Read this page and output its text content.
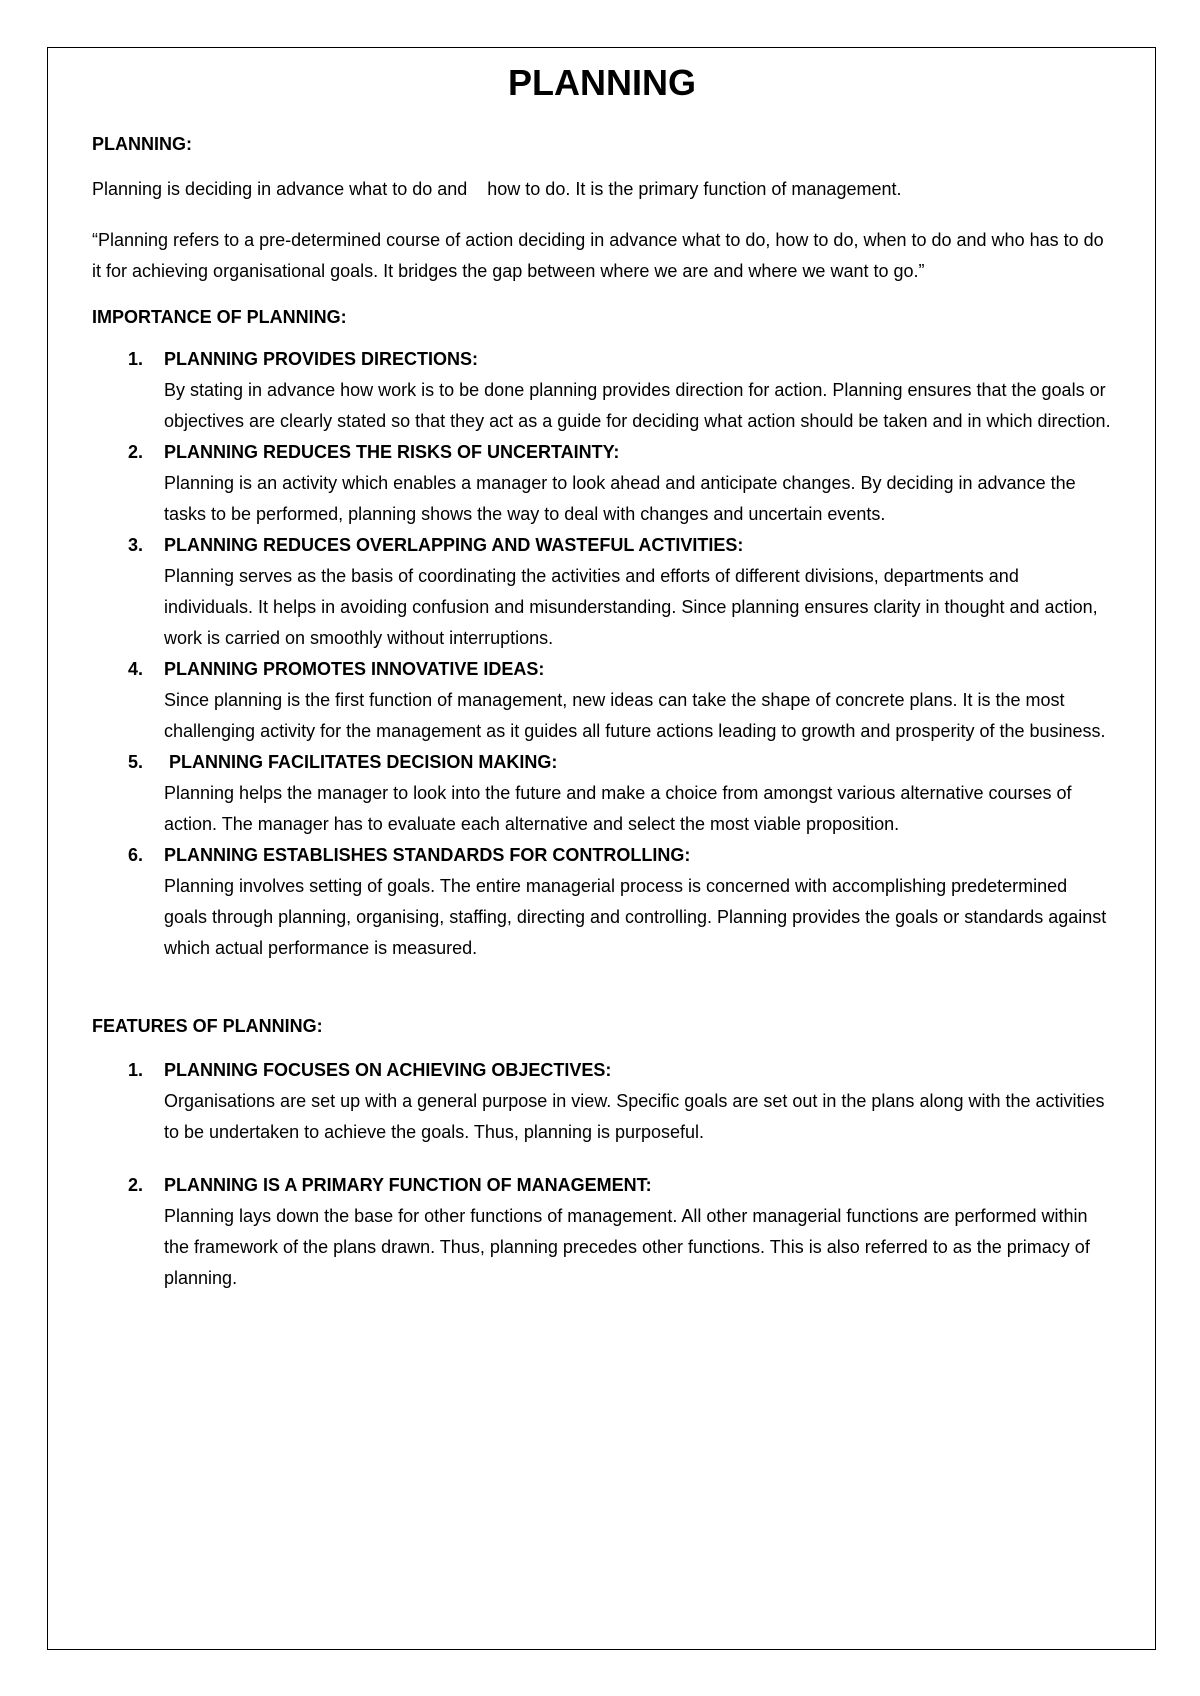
PLANNING

PLANNING:

Planning is deciding in advance what to do and    how to do. It is the primary function of management.

“Planning refers to a pre-determined course of action deciding in advance what to do, how to do, when to do and who has to do it for achieving organisational goals. It bridges the gap between where we are and where we want to go.”

IMPORTANCE OF PLANNING:

1. PLANNING PROVIDES DIRECTIONS:

By stating in advance how work is to be done planning provides direction for action. Planning ensures that the goals or objectives are clearly stated so that they act as a guide for deciding what action should be taken and in which direction.

2. PLANNING REDUCES THE RISKS OF UNCERTAINTY:

Planning is an activity which enables a manager to look ahead and anticipate changes. By deciding in advance the tasks to be performed, planning shows the way to deal with changes and uncertain events.

3. PLANNING REDUCES OVERLAPPING AND WASTEFUL ACTIVITIES:

Planning serves as the basis of coordinating the activities and efforts of different divisions, departments and individuals. It helps in avoiding confusion and misunderstanding. Since planning ensures clarity in thought and action, work is carried on smoothly without interruptions.

4. PLANNING PROMOTES INNOVATIVE IDEAS:

Since planning is the first function of management, new ideas can take the shape of concrete plans. It is the most challenging activity for the management as it guides all future actions leading to growth and prosperity of the business.

5. PLANNING FACILITATES DECISION MAKING:

Planning helps the manager to look into the future and make a choice from amongst various alternative courses of action. The manager has to evaluate each alternative and select the most viable proposition.

6. PLANNING ESTABLISHES STANDARDS FOR CONTROLLING:

Planning involves setting of goals. The entire managerial process is concerned with accomplishing predetermined goals through planning, organising, staffing, directing and controlling. Planning provides the goals or standards against which actual performance is measured.

FEATURES OF PLANNING:

1. PLANNING FOCUSES ON ACHIEVING OBJECTIVES:

Organisations are set up with a general purpose in view. Specific goals are set out in the plans along with the activities to be undertaken to achieve the goals. Thus, planning is purposeful.

2. PLANNING IS A PRIMARY FUNCTION OF MANAGEMENT:

Planning lays down the base for other functions of management. All other managerial functions are performed within the framework of the plans drawn. Thus, planning precedes other functions. This is also referred to as the primacy of planning.
